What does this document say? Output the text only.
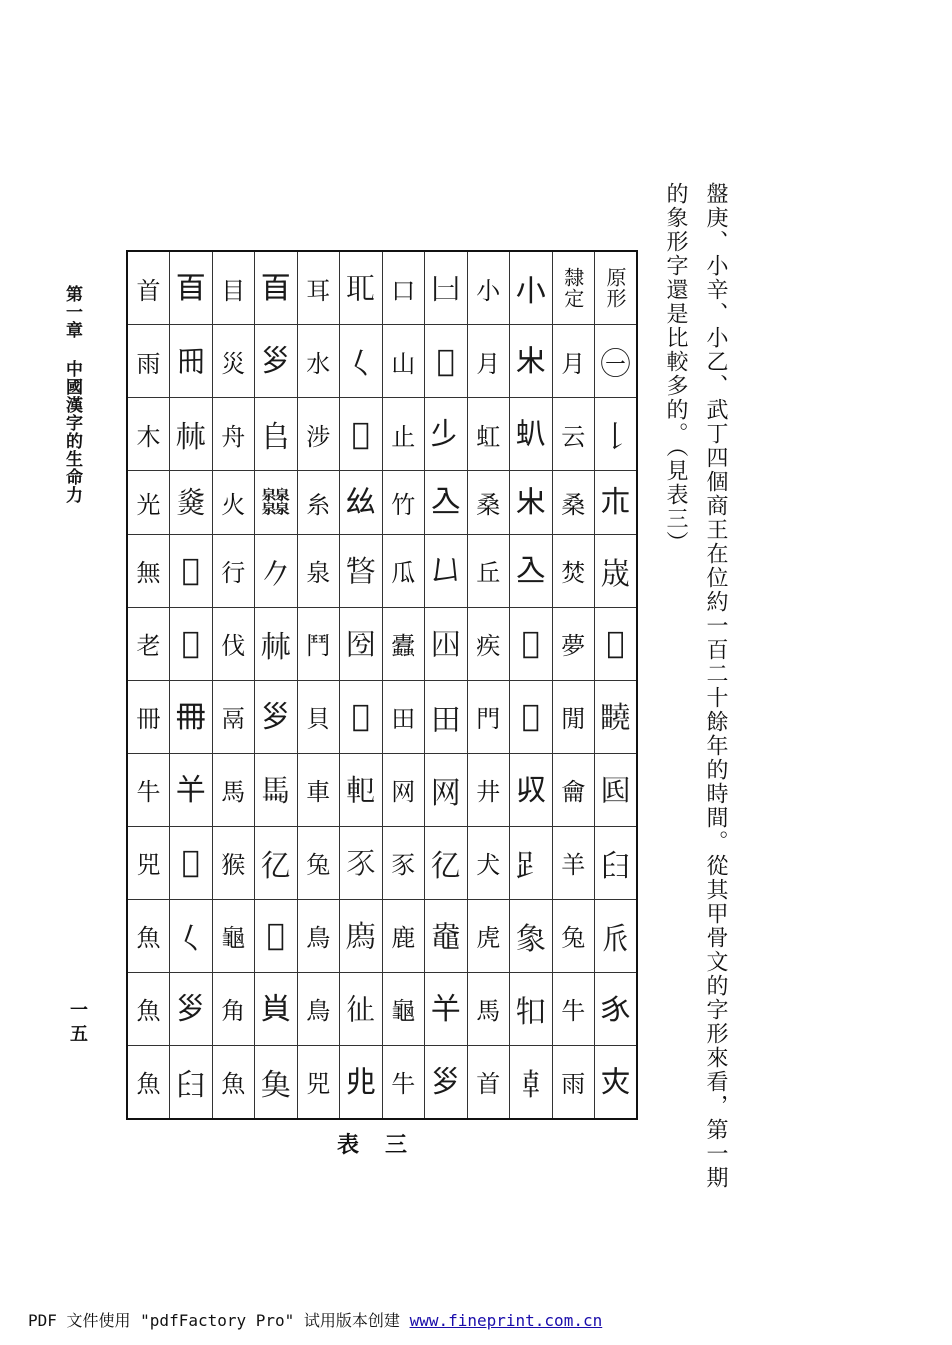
盤庚、小辛、小乙、武丁四個商王在位約一百二十餘年的時間。從其甲骨文的字形來看，第一期
的象形字還是比較多的。（見表三）
首	𦣻	目	𦣻	耳	𦔮	口	𠙵	小	𡭔	隸定	原形
雨	𠕁	災	𡿪	水	𡿨	山	𡴀	月	𣎵	月	㊀
木	𣏟	舟	𠂤	涉	𣥠	止	𣥂	虹	𧈢	云	𠄌
光	𤎫	火	𤆁	糸	𢆶	竹	𠓛	桑	𣎵	桑	𣎳
無	𣥠	行	𠂊	泉	𣈊	瓜	𠙴	丘	𠓛	焚	𡷫
老	𠄧	伐	𣏟	鬥	𡆽	蠹	𡆧	疾	𡉈	夢	𣥱
冊	𠕋	鬲	𡿪	貝	𠊊	田	田	門	𤰔	閒	𤴀
牛	𢆉	馬	𩡧	車	𨊠	网	网	井	𠬞	龠	𡆿
兕	𢀳	猴	𢒼	兔	𧰧	豕	𢒼	犬	𧾷	羊	𦥑
魚	𡿨	龜	𢀳	鳥	𢊁	鹿	𪓛	虎	𧰼	兔	𠂢
魚	𡿪	角	𧴪	鳥	𢓊	龜	𢆉	馬	𤘘	牛	𧰨
魚	𦥑	魚	𩵋	兕	𠑹	牛	𡿪	首	𠦝	雨	𡗜
表三
第一章 中國漢字的生命力
一五
PDF 文件使用 "pdfFactory Pro" 试用版本创建 www.fineprint.com.cn
